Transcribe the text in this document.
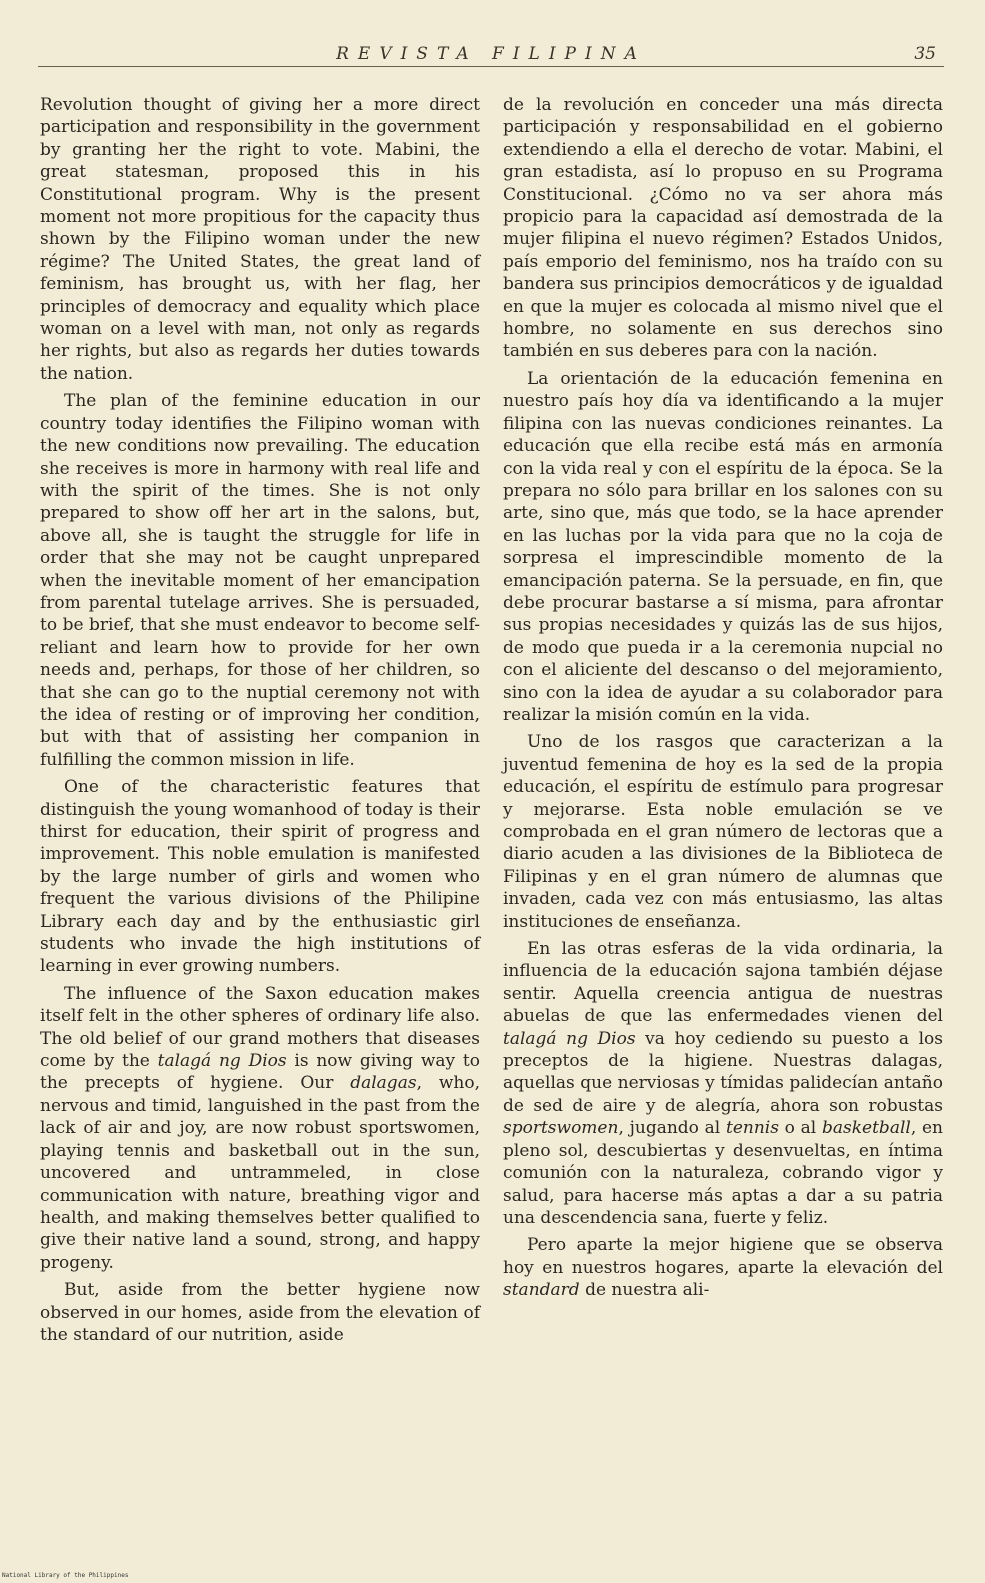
REVISTA FILIPINA	35

Revolution thought of giving her a more direct participation and responsibility in the government by granting her the right to vote. Mabini, the great statesman, proposed this in his Constitutional program. Why is the present moment not more propitious for the capacity thus shown by the Filipino woman under the new régime? The United States, the great land of feminism, has brought us, with her flag, her principles of democracy and equality which place woman on a level with man, not only as regards her rights, but also as regards her duties towards the nation.

The plan of the feminine education in our country today identifies the Filipino woman with the new conditions now prevailing. The education she receives is more in harmony with real life and with the spirit of the times. She is not only prepared to show off her art in the salons, but, above all, she is taught the struggle for life in order that she may not be caught unprepared when the inevitable moment of her emancipation from parental tutelage arrives. She is persuaded, to be brief, that she must endeavor to become self-reliant and learn how to provide for her own needs and, perhaps, for those of her children, so that she can go to the nuptial ceremony not with the idea of resting or of improving her condition, but with that of assisting her companion in fulfilling the common mission in life.

One of the characteristic features that distinguish the young womanhood of today is their thirst for education, their spirit of progress and improvement. This noble emulation is manifested by the large number of girls and women who frequent the various divisions of the Philipine Library each day and by the enthusiastic girl students who invade the high institutions of learning in ever growing numbers.

The influence of the Saxon education makes itself felt in the other spheres of ordinary life also. The old belief of our grand mothers that diseases come by the talagá ng Dios is now giving way to the precepts of hygiene. Our dalagas, who, nervous and timid, languished in the past from the lack of air and joy, are now robust sportswomen, playing tennis and basketball out in the sun, uncovered and untrammeled, in close communication with nature, breathing vigor and health, and making themselves better qualified to give their native land a sound, strong, and happy progeny.

But, aside from the better hygiene now observed in our homes, aside from the elevation of the standard of our nutrition, aside

de la revolución en conceder una más directa participación y responsabilidad en el gobierno extendiendo a ella el derecho de votar. Mabini, el gran estadista, así lo propuso en su Programa Constitucional. ¿Cómo no va ser ahora más propicio para la capacidad así demostrada de la mujer filipina el nuevo régimen? Estados Unidos, país emporio del feminismo, nos ha traído con su bandera sus principios democráticos y de igualdad en que la mujer es colocada al mismo nivel que el hombre, no solamente en sus derechos sino también en sus deberes para con la nación.

La orientación de la educación femenina en nuestro país hoy día va identificando a la mujer filipina con las nuevas condiciones reinantes. La educación que ella recibe está más en armonía con la vida real y con el espíritu de la época. Se la prepara no sólo para brillar en los salones con su arte, sino que, más que todo, se la hace aprender en las luchas por la vida para que no la coja de sorpresa el imprescindible momento de la emancipación paterna. Se la persuade, en fin, que debe procurar bastarse a sí misma, para afrontar sus propias necesidades y quizás las de sus hijos, de modo que pueda ir a la ceremonia nupcial no con el aliciente del descanso o del mejoramiento, sino con la idea de ayudar a su colaborador para realizar la misión común en la vida.

Uno de los rasgos que caracterizan a la juventud femenina de hoy es la sed de la propia educación, el espíritu de estímulo para progresar y mejorarse. Esta noble emulación se ve comprobada en el gran número de lectoras que a diario acuden a las divisiones de la Biblioteca de Filipinas y en el gran número de alumnas que invaden, cada vez con más entusiasmo, las altas instituciones de enseñanza.

En las otras esferas de la vida ordinaria, la influencia de la educación sajona también déjase sentir. Aquella creencia antigua de nuestras abuelas de que las enfermedades vienen del talagá ng Dios va hoy cediendo su puesto a los preceptos de la higiene. Nuestras dalagas, aquellas que nerviosas y tímidas palidecían antaño de sed de aire y de alegría, ahora son robustas sportswomen, jugando al tennis o al basketball, en pleno sol, descubiertas y desenvueltas, en íntima comunión con la naturaleza, cobrando vigor y salud, para hacerse más aptas a dar a su patria una descendencia sana, fuerte y feliz.

Pero aparte la mejor higiene que se observa hoy en nuestros hogares, aparte la elevación del standard de nuestra ali-

National Library of the Philippines
